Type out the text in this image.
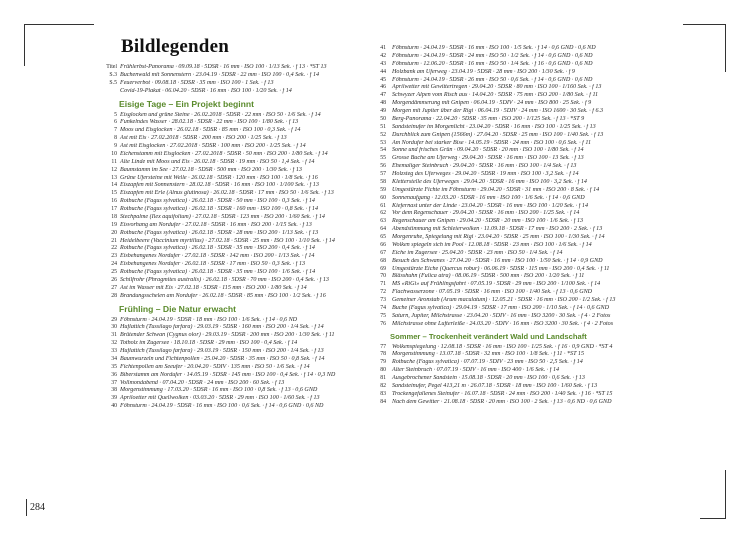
Bildlegenden
Titel Frühlerbst-Panorama · 09.09.18 · 5DSR · 16 mm · ISO 100 · 1/13 Sek. · f 13 · *ST 13
S.3 Buchenwald mit Sonnenstern · 23.04.19 · 5DSR · 22 mm · ISO 100 · 0,4 Sek. · f 14
S.5 Feuerverbot · 09.08.18 · 5DSR · 35 mm · ISO 100 · 1 Sek. · f 13
Covid-19-Plakat · 06.04.20 · 5DSR · 16 mm · ISO 100 · 1/20 Sek. · f 14
Eisige Tage – Ein Projekt beginnt
5 Eisglocken und grüne Steine · 26.02.2018 · 5DSR · 22 mm · ISO 50 · 1/6 Sek. · f 14
6 Funkelndes Wasser · 28.02.18 · 5DSR · 22 mm · ISO 100 · 1/80 Sek. · f 13
7 Moos und Eisglocken · 26.02.18 · 5DSR · 85 mm · ISO 100 · 0,3 Sek. · f 14
8 Ast mit Eis · 27.02.2018 · 5DSR · 200 mm · ISO 200 · 1/25 Sek. · f 13
9 Ast mit Eisglocken · 27.02.2018 · 5DSR · 100 mm · ISO 200 · 1/25 Sek. · f 14
10 Eichenstamm mit Eisglocken · 27.02.2018 · 5DSR · 50 mm · ISO 200 · 1/80 Sek. · f 14
11 Alte Linde mit Moos und Eis · 26.02.18 · 5DSR · 19 mm · ISO 50 · 1,4 Sek. · f 14
12 Baumstamm im See · 27.02.18 · 5DSR · 500 mm · ISO 200 · 1/30 Sek. · f 13
13 Grüne Ufersteine mit Welle · 26.02.18 · 5DSR · 120 mm · ISO 100 · 1/8 Sek. · f 16
14 Eiszapfen mit Sonnenstern · 28.02.18 · 5DSR · 16 mm · ISO 100 · 1/100 Sek. · f 13
15 Eiszapfen mit Erle (Alnus glutinosa) · 26.02.18 · 5DSR · 17 mm · ISO 50 · 1/6 Sek. · f 13
16 Rotbuche (Fagus sylvatica) · 26.02.18 · 5DSR · 50 mm · ISO 100 · 0,3 Sek. · f 14
17 Rotbuche (Fagus sylvatica) · 26.02.18 · 5DSR · 160 mm · ISO 100 · 0,8 Sek. · f 14
18 Stechpalme (Ilex aquifolium) · 27.02.18 · 5DSR · 123 mm · ISO 200 · 1/60 Sek. · f 14
19 Eisvorhang am Nordufer · 27.02.18 · 5DSR · 16 mm · ISO 200 · 1/15 Sek. · f 13
20 Rotbuche (Fagus sylvatica) · 26.02.18 · 5DSR · 28 mm · ISO 200 · 1/13 Sek. · f 13
21 Heidelbeere (Vaccinium myrtillus) · 27.02.18 · 5DSR · 25 mm · ISO 100 · 1/10 Sek. · f 14
22 Rotbuche (Fagus sylvatica) · 26.02.18 · 5DSR · 35 mm · ISO 200 · 0,4 Sek. · f 14
23 Eisbehangenes Nordufer · 27.02.18 · 5DSR · 142 mm · ISO 200 · 1/13 Sek. · f 14
24 Eisbehangenes Nordufer · 26.02.18 · 5DSR · 17 mm · ISO 50 · 0,3 Sek. · f 13
25 Rotbuche (Fagus sylvatica) · 26.02.18 · 5DSR · 35 mm · ISO 100 · 1/6 Sek. · f 14
26 Schilfrohr (Phragmites australis) · 26.02.18 · 5DSR · 70 mm · ISO 200 · 0,4 Sek. · f 13
27 Ast im Wasser mit Eis · 27.02.18 · 5DSR · 115 mm · ISO 200 · 1/80 Sek. · f 14
28 Brandungsschelen am Nordufer · 26.02.18 · 5DSR · 85 mm · ISO 100 · 1/2 Sek. · f 16
Frühling – Die Natur erwacht
29 Föhnsturm · 24.04.19 · 5DSR · 18 mm · ISO 100 · 1/6 Sek. · f 14 · 0,6 ND
30 Huflattich (Tussilago farfara) · 29.03.19 · 5DSR · 160 mm · ISO 200 · 1/4 Sek. · f 14
31 Brütender Schwan (Cygnus olor) · 29.03.19 · 5DSR · 200 mm · ISO 200 · 1/30 Sek. · f 11
32 Totholz im Zugersee · 18.10.18 · 5DSR · 29 mm · ISO 100 · 0,4 Sek. · f 14
33 Huflattich (Tussilago farfara) · 29.03.19 · 5DSR · 150 mm · ISO 200 · 1/4 Sek. · f 13
34 Baumwurzeln und Fichtenpollen · 25.04.20 · 5DSR · 35 mm · ISO 50 · 0,8 Sek. · f 14
35 Fichtenpollen am Seeufer · 20.04.20 · 5DIV · 135 mm · ISO 50 · 1/6 Sek. · f 14
36 Biberstamm am Nordufer · 14.05.19 · 5DSR · 145 mm · ISO 100 · 0,4 Sek. · f 14 · 0,3 ND
37 Vollmondabend · 07.04.20 · 5DSR · 24 mm · ISO 200 · 60 Sek. · f 13
38 Morgenstimmung · 17.03.20 · 5DSR · 16 mm · ISO 100 · 0,8 Sek. · f 13 · 0,6 GND
39 Apriloetter mit Quellwolken · 03.03.20 · 5DSR · 29 mm · ISO 100 · 1/60 Sek. · f 13
40 Föhnsturm · 24.04.19 · 5DSR · 16 mm · ISO 100 · 0,6 Sek. · f 14 · 0,6 GND · 0,6 ND
41 Föhnsturm · 24.04.19 · 5DSR · 16 mm · ISO 100 · 1/5 Sek. · f 14 · 0,6 GND · 0,6 ND
42 Föhnsturm · 24.04.19 · 5DSR · 24 mm · ISO 50 · 1/2 Sek. · f 14 · 0,6 GND · 0,6 ND
43 Föhnsturm · 12.06.20 · 5DSR · 16 mm · ISO 50 · 1/4 Sek. · f 16 · 0,6 GND · 0,6 ND
44 Holzbank am Uferweg · 23.04.19 · 5DSR · 28 mm · ISO 200 · 1/30 Sek. · f 9
45 Föhnsturm · 24.04.19 · 5DSR · 26 mm · ISO 50 · 0,6 Sek. · f 14 · 0,6 GND · 0,6 ND
46 Aprilwetter mit Gewittertregen · 29.04.20 · 5DSR · 80 mm · ISO 100 · 1/160 Sek. · f 13
47 Schwyzer Alpen vom Risch aus · 14.04.20 · 5DSR · 75 mm · ISO 200 · 1/80 Sek. · f 11
48 Morgendämmerung mit Gnipen · 06.04.19 · 5DIV · 24 mm · ISO 800 · 25 Sek. · f 9
49 Morgen mit Jupiter über der Rigi · 06.04.19 · 5DIV · 24 mm · ISO 1600 · 30 Sek. · f 6.3
50 Berg-Panorama · 22.04.20 · 5DSR · 35 mm · ISO 200 · 1/125 Sek. · f 13 · *ST 9
51 Sandsteinufer im Morgenlicht · 23.04.20 · 5DSR · 16 mm · ISO 100 · 1/25 Sek. · f 13
52 Durchblick zum Gnipen (1566m) · 27.04.20 · 5DSR · 25 mm · ISO 100 · 1/40 Sek. · f 13
53 Am Nordufer bei starker Bise · 14.05.19 · 5DSR · 24 mm · ISO 100 · 0,6 Sek. · f 11
54 Sonne und frisches Grün · 09.04.20 · 5DSR · 20 mm · ISO 100 · 1/80 Sek. · f 14
55 Grosse Buche am Uferweg · 29.04.20 · 5DSR · 16 mm · ISO 100 · 13 Sek. · f 13
56 Ehemaliger Steinbruch · 29.04.20 · 5DSR · 16 mm · ISO 100 · 1/4 Sek. · f 13
57 Holzsteg des Uferweges · 29.04.20 · 5DSR · 19 mm · ISO 100 · 3,2 Sek. · f 14
58 Kletterstelle des Uferweges · 29.04.20 · 5DSR · 16 mm · ISO 100 · 3,2 Sek. · f 14
59 Umgestürzte Fichte im Föhnsturm · 29.04.20 · 5DSR · 31 mm · ISO 200 · 8 Sek. · f 14
60 Sonnenaufgang · 12.03.20 · 5DSR · 16 mm · ISO 100 · 1/6 Sek. · f 14 · 0,6 GND
61 Kiefernast unter der Linde · 23.04.20 · 5DSR · 16 mm · ISO 100 · 1/20 Sek. · f 14
62 Vor dem Regenschauer · 29.04.20 · 5DSR · 16 mm · ISO 200 · 1/25 Sek. · f 14
63 Regenschauer am Gnipen · 29.04.20 · 5DSR · 20 mm · ISO 100 · 1/6 Sek. · f 13
64 Abendstimmung mit Schleierwolken · 11.09.18 · 5DSR · 17 mm · ISO 200 · 2 Sek. · f 13
65 Morgenruhe, Spiegelung mit Rigi · 23.04.20 · 5DSR · 25 mm · ISO 100 · 1/30 Sek. · f 14
66 Wolken spiegeln sich im Pool · 12.08.18 · 5DSR · 23 mm · ISO 100 · 1/6 Sek. · f 14
67 Eiche im Zugersee · 25.04.20 · 5DSR · 23 mm · ISO 50 · 1/4 Sek. · f 14
68 Besuch des Schwanes · 27.04.20 · 5DSR · 16 mm · ISO 100 · 1/50 Sek. · f 14 · 0,9 GND
69 Umgestürzte Eiche (Quercus robur) · 06.06.19 · 5DSR · 115 mm · ISO 200 · 0,4 Sek. · f 11
70 Blässhuhn (Fulica atra) · 08.06.19 · 5DSR · 500 mm · ISO 200 · 1/20 Sek. · f 11
71 MS «RiGi» auf Frühlingsfahrt · 07.05.19 · 5DSR · 29 mm · ISO 200 · 1/100 Sek. · f 14
72 Flachwasserzone · 07.05.19 · 5DSR · 16 mm · ISO 100 · 1/40 Sek. · f 13 · 0,6 GND
73 Gemeiner Aronstab (Arum maculatum) · 12.05.21 · 5DSR · 16 mm · ISO 200 · 1/2 Sek. · f 13
74 Buche (Fagus sylvatica) · 29.04.19 · 5DSR · 17 mm · ISO 200 · 1/10 Sek. · f 14 · 0,6 GND
75 Saturn, Jupiter, Milchstrasse · 23.04.20 · 5DIV · 16 mm · ISO 3200 · 30 Sek. · f 4 · 2 Fotos
76 Milchstrasse ohne Lufterleiße · 24.03.20 · 5DIV · 16 mm · ISO 3200 · 30 Sek. · f 4 · 2 Fotos
Sommer – Trockenheit verändert Wald und Landschaft
77 Wolkenspiegelung · 12.08.18 · 5DSR · 16 mm · ISO 100 · 1/25 Sek. · f 16 · 0,9 GND · *ST 4
78 Morgenstimmung · 13.07.18 · 5DSR · 32 mm · ISO 100 · 1/8 Sek. · f 11 · *ST 15
79 Rotbuche (Fagus sylvatica) · 07.07.19 · 5DIV · 23 mm · ISO 50 · 2,5 Sek. · f 14
80 Alter Steinbruch · 07.07.19 · 5DIV · 16 mm · ISO 400 · 1/6 Sek. · f 14
81 Ausgebrochener Sandstein · 15.08.18 · 5DSR · 20 mm · ISO 100 · 0,6 Sek. · f 13
82 Sandsteinufer, Pegel 413,21 m · 26.07.18 · 5DSR · 18 mm · ISO 100 · 1/60 Sek. · f 13
83 Trockengefallenes Steinufer · 16.07.18 · 5DSR · 24 mm · ISO 200 · 1/40 Sek. · f 16 · *ST 15
84 Nach dem Gewitter · 21.08.18 · 5DSR · 20 mm · ISO 100 · 2 Sek. · f 13 · 0,6 ND · 0,6 GND
284
